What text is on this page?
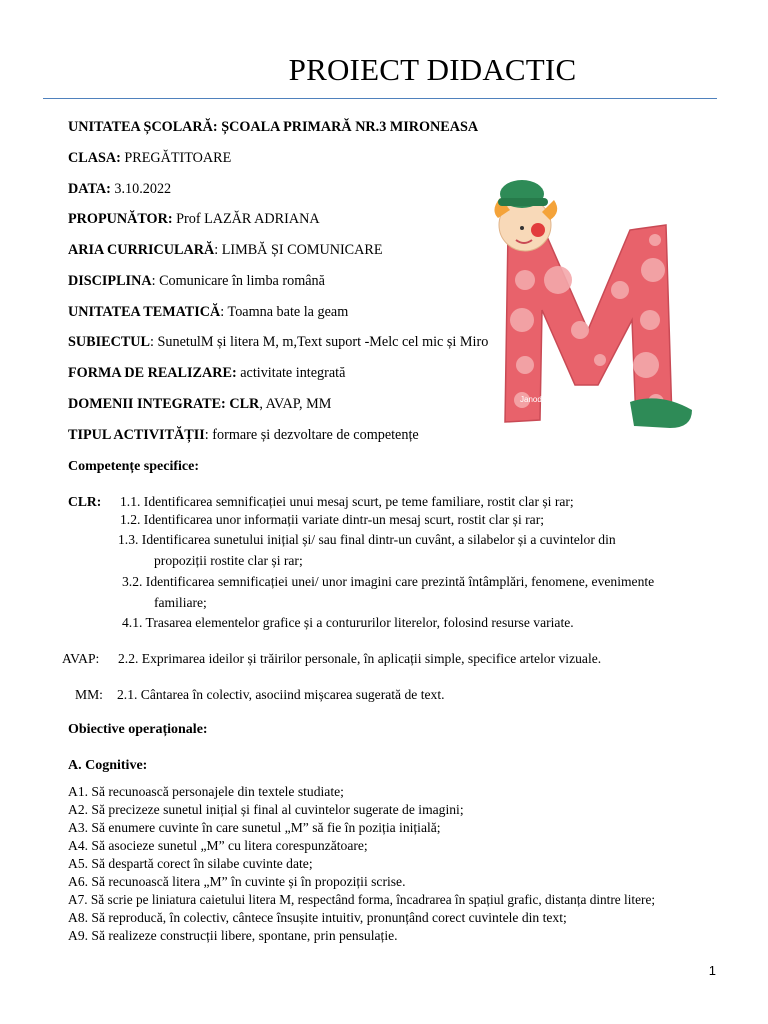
PROIECT DIDACTIC
UNITATEA ȘCOLARĂ: ȘCOALA PRIMARĂ NR.3 MIRONEASA
CLASA: PREGĂTITOARE
DATA: 3.10.2022
PROPUNĂTOR: Prof LAZĂR ADRIANA
ARIA CURRICULARĂ: LIMBĂ ȘI COMUNICARE
DISCIPLINA: Comunicare în limba română
UNITATEA TEMATICĂ: Toamna bate la geam
SUBIECTUL: SunetulM și litera M, m,Text suport -Melc cel mic și Miro
FORMA DE REALIZARE: activitate integrată
DOMENII INTEGRATE: CLR, AVAP, MM
TIPUL ACTIVITĂȚII: formare și dezvoltare de competențe
Janod
Competențe specifice:
CLR: 1.1. Identificarea semnificației unui mesaj scurt, pe teme familiare, rostit clar și rar;
1.2. Identificarea unor informații variate dintr-un mesaj scurt, rostit clar și rar;
1.3. Identificarea sunetului inițial și/ sau final dintr-un cuvânt, a silabelor și a cuvintelor din
propoziții rostite clar și rar;
3.2. Identificarea semnificației unei/ unor imagini care prezintă întâmplări, fenomene, evenimente
familiare;
4.1. Trasarea elementelor grafice și a contururilor literelor, folosind resurse variate.
AVAP: 2.2. Exprimarea ideilor și trăirilor personale, în aplicații simple, specifice artelor vizuale.
MM: 2.1. Cântarea în colectiv, asociind mișcarea sugerată de text.
Obiective operaționale:
A. Cognitive:
A1. Să recunoască personajele din textele studiate;
A2. Să precizeze sunetul inițial și final al cuvintelor sugerate de imagini;
A3. Să enumere cuvinte în care sunetul „M” să fie în poziția inițială;
A4. Să asocieze sunetul „M” cu litera corespunzătoare;
A5. Să despartă corect în silabe cuvinte date;
A6. Să recunoască litera „M” în cuvinte și în propoziții scrise.
A7. Să scrie pe liniatura caietului litera M, respectând forma, încadrarea în spațiul grafic, distanța dintre litere;
A8. Să reproducă, în colectiv, cântece însușite intuitiv, pronunțând corect cuvintele din text;
A9. Să realizeze construcții libere, spontane, prin pensulație.
1
